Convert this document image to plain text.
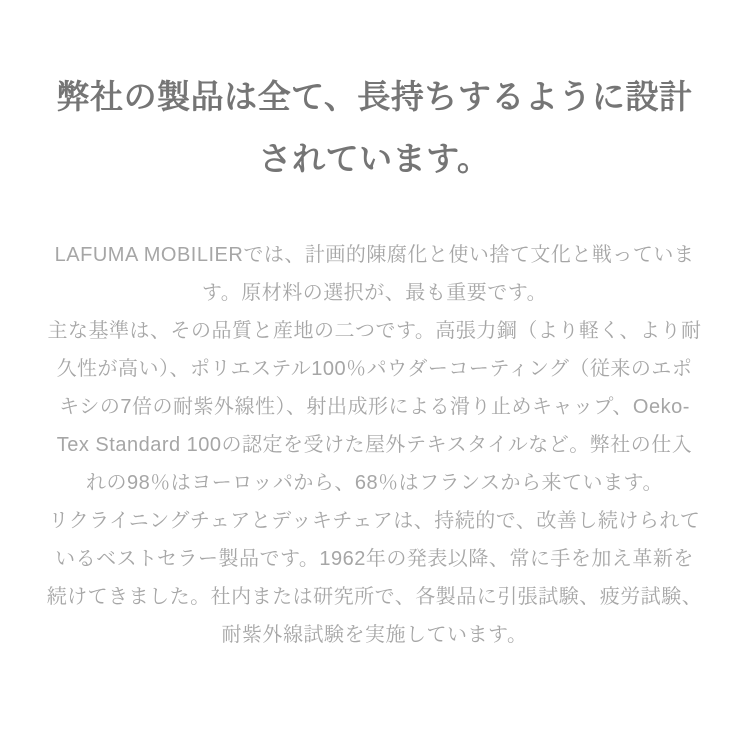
弊社の製品は全て、長持ちするように設計
されています。
LAFUMA MOBILIERでは、計画的陳腐化と使い捨て文化と戦っていま
す。原材料の選択が、最も重要です。
主な基準は、その品質と産地の二つです。高張力鋼（より軽く、より耐
久性が高い）、ポリエステル100％パウダーコーティング（従来のエポ
キシの7倍の耐紫外線性）、射出成形による滑り止めキャップ、Oeko-
Tex Standard 100の認定を受けた屋外テキスタイルなど。弊社の仕入
れの98％はヨーロッパから、68％はフランスから来ています。
リクライニングチェアとデッキチェアは、持続的で、改善し続けられて
いるベストセラー製品です。1962年の発表以降、常に手を加え革新を
続けてきました。社内または研究所で、各製品に引張試験、疲労試験、
耐紫外線試験を実施しています。
